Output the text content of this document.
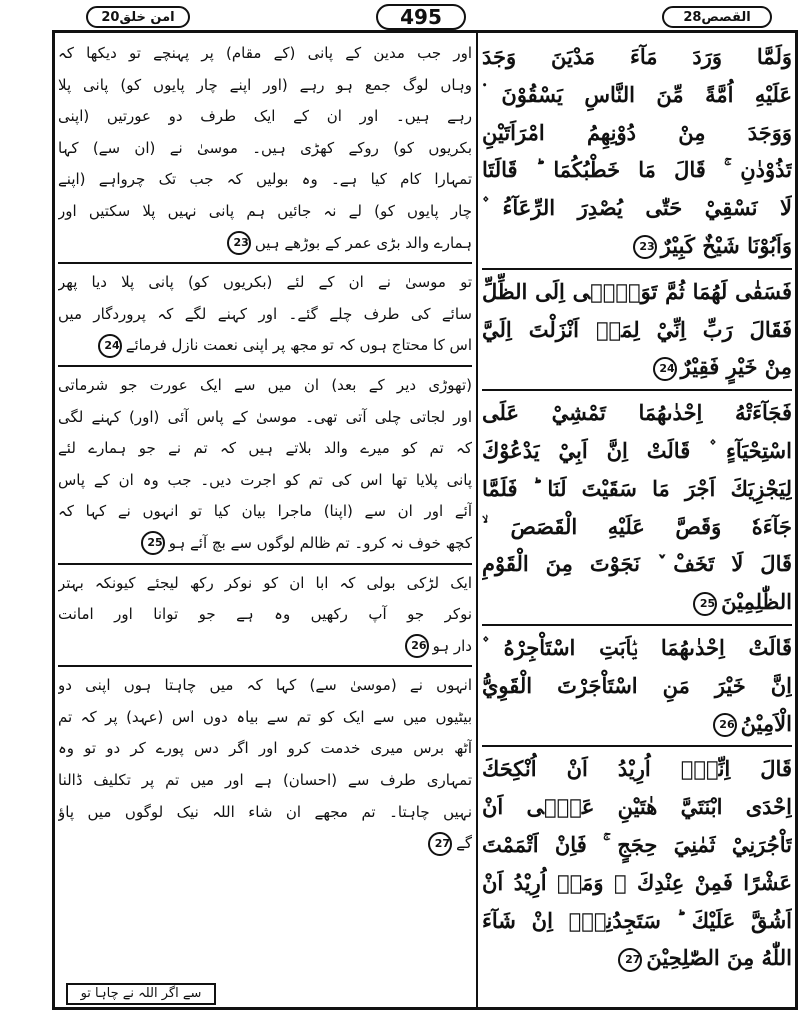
امن خلق20	495	القصص28
وَلَمَّا وَرَدَ مَآءَ مَدْيَنَ وَجَدَ
عَلَيْهِ اُمَّةً مِّنَ النَّاسِ يَسْقُوْنَ ۬
وَوَجَدَ مِنْ دُوْنِهِمُ امْرَاَتَيْنِ
تَذُوْدٰنِ ۚ قَالَ مَا خَطْبُكُمَا ؕ قَالَتَا
لَا نَسْقِيْ حَتّٰى يُصْدِرَ الرِّعَآءُ ۫
وَاَبُوْنَا شَيْخٌ كَبِيْرٌ23
فَسَقٰى لَهُمَا ثُمَّ تَوَلّٰۤى اِلَى الظِّلِّ
فَقَالَ رَبِّ اِنِّيْ لِمَاۤ اَنْزَلْتَ اِلَيَّ
مِنْ خَيْرٍ فَقِيْرٌ24
فَجَآءَتْهُ اِحْدٰىهُمَا تَمْشِيْ عَلَى
اسْتِحْيَآءٍ ۫ قَالَتْ اِنَّ اَبِيْ يَدْعُوْكَ
لِيَجْزِيَكَ اَجْرَ مَا سَقَيْتَ لَنَا ؕ فَلَمَّا
جَآءَهٗ وَقَصَّ عَلَيْهِ الْقَصَصَ ۙ
قَالَ لَا تَخَفْ ٚ نَجَوْتَ مِنَ الْقَوْمِ
الظّٰلِمِيْنَ25
قَالَتْ اِحْدٰىهُمَا يٰۤاَبَتِ اسْتَاْجِرْهُ ۫
اِنَّ خَيْرَ مَنِ اسْتَاْجَرْتَ الْقَوِيُّ
الْاَمِيْنُ26
قَالَ اِنِّيْۤ اُرِيْدُ اَنْ اُنْكِحَكَ
اِحْدَى ابْنَتَيَّ هٰتَيْنِ عَلٰۤى اَنْ
تَاْجُرَنِيْ ثَمٰنِيَ حِجَجٍ ۚ فَاِنْ اَتْمَمْتَ
عَشْرًا فَمِنْ عِنْدِكَ ۚ وَمَاۤ اُرِيْدُ اَنْ
اَشُقَّ عَلَيْكَ ؕ سَتَجِدُنِيْۤ اِنْ شَآءَ
اللّٰهُ مِنَ الصّٰلِحِيْنَ27
اور جب مدین کے پانی (کے مقام) پر پہنچے تو دیکھا کہ
وہاں لوگ جمع ہو رہے (اور اپنے چار پایوں کو) پانی پلا
رہے ہیں۔ اور ان کے ایک طرف دو عورتیں (اپنی
بکریوں کو) روکے کھڑی ہیں۔ موسیٰ نے (ان سے) کہا
تمہارا کام کیا ہے۔ وہ بولیں کہ جب تک چرواہے (اپنے
چار پایوں کو) لے نہ جائیں ہم پانی نہیں پلا سکتیں اور
ہمارے والد بڑی عمر کے بوڑھے ہیں23
تو موسیٰ نے ان کے لئے (بکریوں کو) پانی پلا دیا پھر
سائے کی طرف چلے گئے۔ اور کہنے لگے کہ پروردگار میں
اس کا محتاج ہوں کہ تو مجھ پر اپنی نعمت نازل فرمائے24
(تھوڑی دیر کے بعد) ان میں سے ایک عورت جو شرماتی
اور لجاتی چلی آتی تھی۔ موسیٰ کے پاس آئی (اور) کہنے لگی
کہ تم کو میرے والد بلاتے ہیں کہ تم نے جو ہمارے لئے
پانی پلایا تھا اس کی تم کو اجرت دیں۔ جب وہ ان کے پاس
آئے اور ان سے (اپنا) ماجرا بیان کیا تو انہوں نے کہا کہ
کچھ خوف نہ کرو۔ تم ظالم لوگوں سے بچ آئے ہو25
ایک لڑکی بولی کہ ابا ان کو نوکر رکھ لیجئے کیونکہ بہتر
نوکر جو آپ رکھیں وہ ہے جو توانا اور امانت
دار ہو26
انہوں نے (موسیٰ سے) کہا کہ میں چاہتا ہوں اپنی دو
بیٹیوں میں سے ایک کو تم سے بیاہ دوں اس (عہد) پر کہ تم
آٹھ برس میری خدمت کرو اور اگر دس پورے کر دو تو وہ
تمہاری طرف سے (احسان) ہے اور میں تم پر تکلیف ڈالنا
نہیں چاہتا۔ تم مجھے ان شاء اللہ نیک لوگوں میں پاؤ
گے27
سے اگر اللہ نے چاہا تو
